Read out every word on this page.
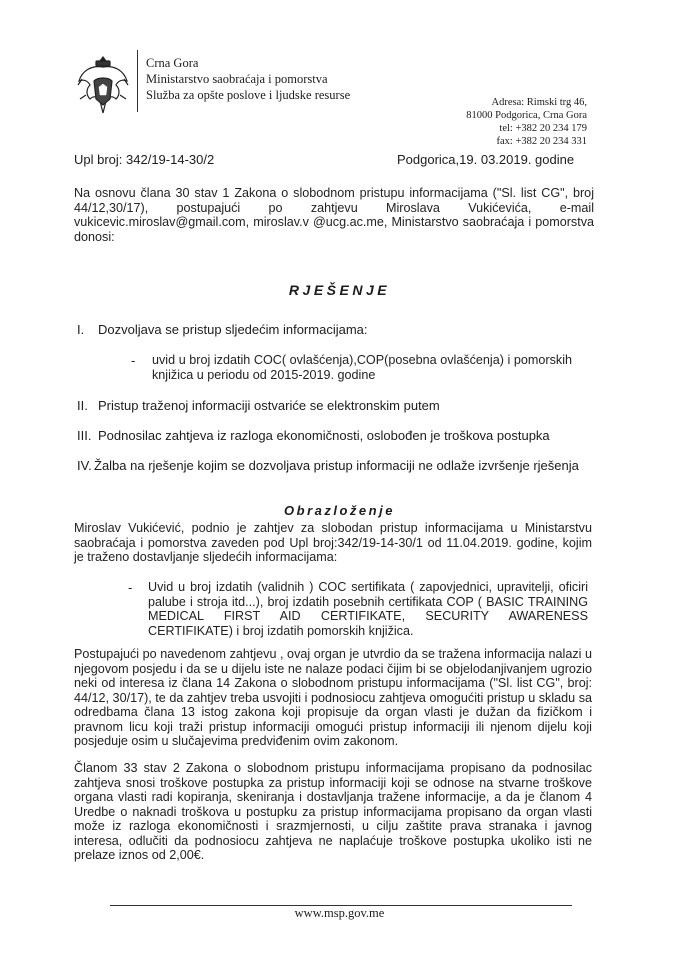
Crna Gora
Ministarstvo saobraćaja i pomorstva
Služba za opšte poslove i ljudske resurse
Adresa: Rimski trg 46,
81000 Podgorica, Crna Gora
tel: +382 20 234 179
fax: +382 20 234 331
Upl broj: 342/19-14-30/2	Podgorica,19. 03.2019. godine
Na osnovu člana 30 stav 1 Zakona o slobodnom pristupu informacijama ("Sl. list CG", broj 44/12,30/17), postupajući po zahtjevu Miroslava Vukićevića, e-mail vukicevic.miroslav@gmail.com, miroslav.v @ucg.ac.me, Ministarstvo saobraćaja i pomorstva donosi:
RJEŠENJE
I. Dozvoljava se pristup sljedećim informacijama:
- uvid u broj izdatih COC( ovlašćenja),COP(posebna ovlašćenja) i pomorskih knjižica u periodu od 2015-2019. godine
II. Pristup traženoj informaciji ostvariće se elektronskim putem
III. Podnosilac zahtjeva iz razloga ekonomičnosti, oslobođen je troškova postupka
IV. Žalba na rješenje kojim se dozvoljava pristup informaciji ne odlaže izvršenje rješenja
Obrazloženje
Miroslav Vukićević, podnio je zahtjev za slobodan pristup informacijama u Ministarstvu saobraćaja i pomorstva zaveden pod Upl broj:342/19-14-30/1 od 11.04.2019. godine, kojim je traženo dostavljanje sljedećih informacijama:
- Uvid u broj izdatih (validnih ) COC sertifikata ( zapovjednici, upravitelji, oficiri palube i stroja itd...), broj izdatih posebnih certifikata COP ( BASIC TRAINING MEDICAL FIRST AID CERTIFIKATE, SECURITY AWARENESS CERTIFIKATE) i broj izdatih pomorskih knjižica.
Postupajući po navedenom zahtjevu , ovaj organ je utvrdio da se tražena informacija nalazi u njegovom posjedu i da se u dijelu iste ne nalaze podaci čijim bi se objelodanjivanjem ugrozio neki od interesa iz člana 14 Zakona o slobodnom pristupu informacijama ("Sl. list CG", broj: 44/12, 30/17), te da zahtjev treba usvojiti i podnosiocu zahtjeva omogućiti pristup u skladu sa odredbama člana 13 istog zakona koji propisuje da organ vlasti je dužan da fizičkom i pravnom licu koji traži pristup informaciji omogući pristup informaciji ili njenom dijelu koji posjeduje osim u slučajevima predviđenim ovim zakonom.
Članom 33 stav 2 Zakona o slobodnom pristupu informacijama propisano da podnosilac zahtjeva snosi troškove postupka za pristup informaciji koji se odnose na stvarne troškove organa vlasti radi kopiranja, skeniranja i dostavljanja tražene informacije, a da je članom 4 Uredbe o naknadi troškova u postupku za pristup informacijama propisano da organ vlasti može iz razloga ekonomičnosti i srazmjernosti, u cilju zaštite prava stranaka i javnog interesa, odlučiti da podnosiocu zahtjeva ne naplaćuje troškove postupka ukoliko isti ne prelaze iznos od 2,00€.
www.msp.gov.me
